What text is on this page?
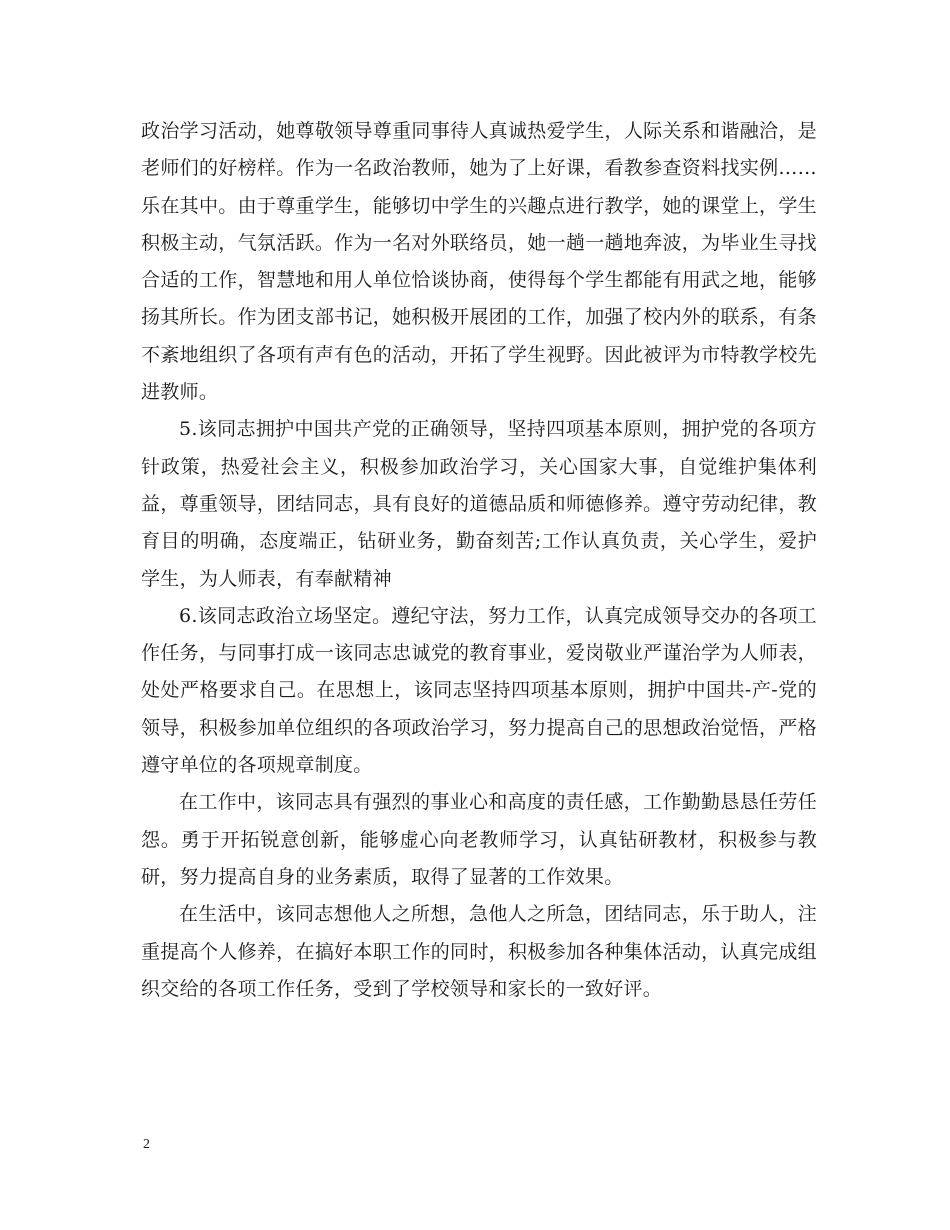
政治学习活动，她尊敬领导尊重同事待人真诚热爱学生，人际关系和谐融洽，是老师们的好榜样。作为一名政治教师，她为了上好课，看教参查资料找实例……乐在其中。由于尊重学生，能够切中学生的兴趣点进行教学，她的课堂上，学生积极主动，气氛活跃。作为一名对外联络员，她一趟一趟地奔波，为毕业生寻找合适的工作，智慧地和用人单位恰谈协商，使得每个学生都能有用武之地，能够扬其所长。作为团支部书记，她积极开展团的工作，加强了校内外的联系，有条不紊地组织了各项有声有色的活动，开拓了学生视野。因此被评为市特教学校先进教师。

5.该同志拥护中国共产党的正确领导，坚持四项基本原则，拥护党的各项方针政策，热爱社会主义，积极参加政治学习，关心国家大事，自觉维护集体利益，尊重领导，团结同志，具有良好的道德品质和师德修养。遵守劳动纪律，教育目的明确，态度端正，钻研业务，勤奋刻苦;工作认真负责，关心学生，爱护学生，为人师表，有奉献精神

6.该同志政治立场坚定。遵纪守法，努力工作，认真完成领导交办的各项工作任务，与同事打成一该同志忠诚党的教育事业，爱岗敬业严谨治学为人师表，处处严格要求自己。在思想上，该同志坚持四项基本原则，拥护中国共-产-党的领导，积极参加单位组织的各项政治学习，努力提高自己的思想政治觉悟，严格遵守单位的各项规章制度。

在工作中，该同志具有强烈的事业心和高度的责任感，工作勤勤恳恳任劳任怨。勇于开拓锐意创新，能够虚心向老教师学习，认真钻研教材，积极参与教研，努力提高自身的业务素质，取得了显著的工作效果。

在生活中，该同志想他人之所想，急他人之所急，团结同志，乐于助人，注重提高个人修养，在搞好本职工作的同时，积极参加各种集体活动，认真完成组织交给的各项工作任务，受到了学校领导和家长的一致好评。

2
